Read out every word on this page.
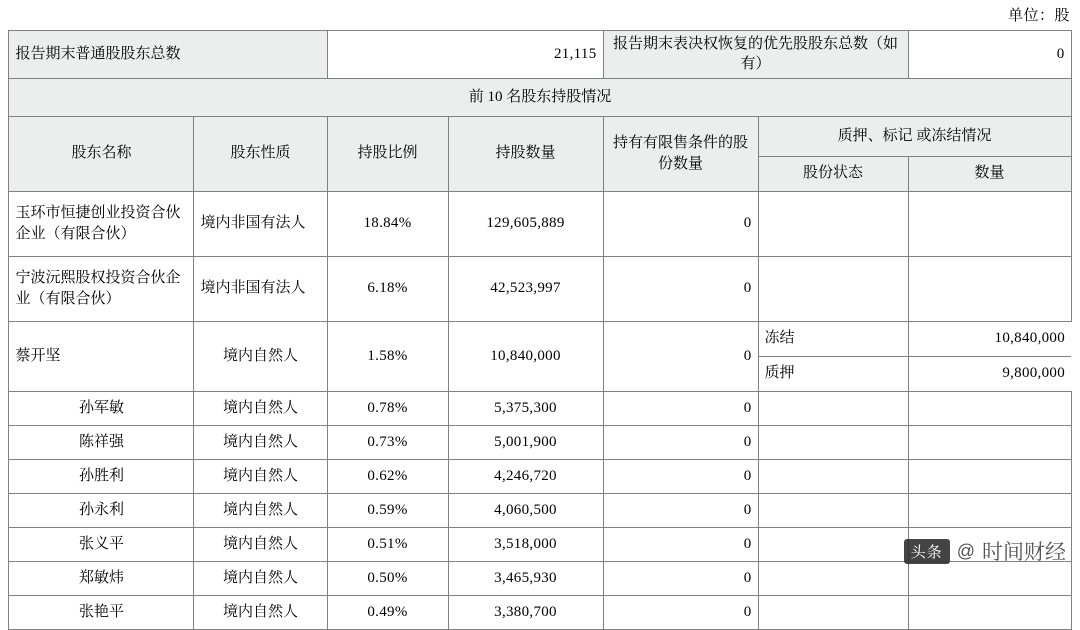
单位：股
报告期末普通股股东总数	21,115	报告期末表决权恢复的优先股股东总数（如有）	0
前 10 名股东持股情况
股东名称	股东性质	持股比例	持股数量	持有有限售条件的股份数量	质押、标记 或冻结情况
股份状态	数量
玉环市恒捷创业投资合伙企业（有限合伙）	境内非国有法人	18.84%	129,605,889	0		
宁波沅熙股权投资合伙企业（有限合伙）	境内非国有法人	6.18%	42,523,997	0		
蔡开坚	境内自然人	1.58%	10,840,000	0	
冻结	10,840,000
质押	9,800,000

孙军敏	境内自然人	0.78%	5,375,300	0		
陈祥强	境内自然人	0.73%	5,001,900	0		
孙胜利	境内自然人	0.62%	4,246,720	0		
孙永利	境内自然人	0.59%	4,060,500	0		
张义平	境内自然人	0.51%	3,518,000	0		
郑敏炜	境内自然人	0.50%	3,465,930	0		
张艳平	境内自然人	0.49%	3,380,700	0		
头条 @ 时间财经
